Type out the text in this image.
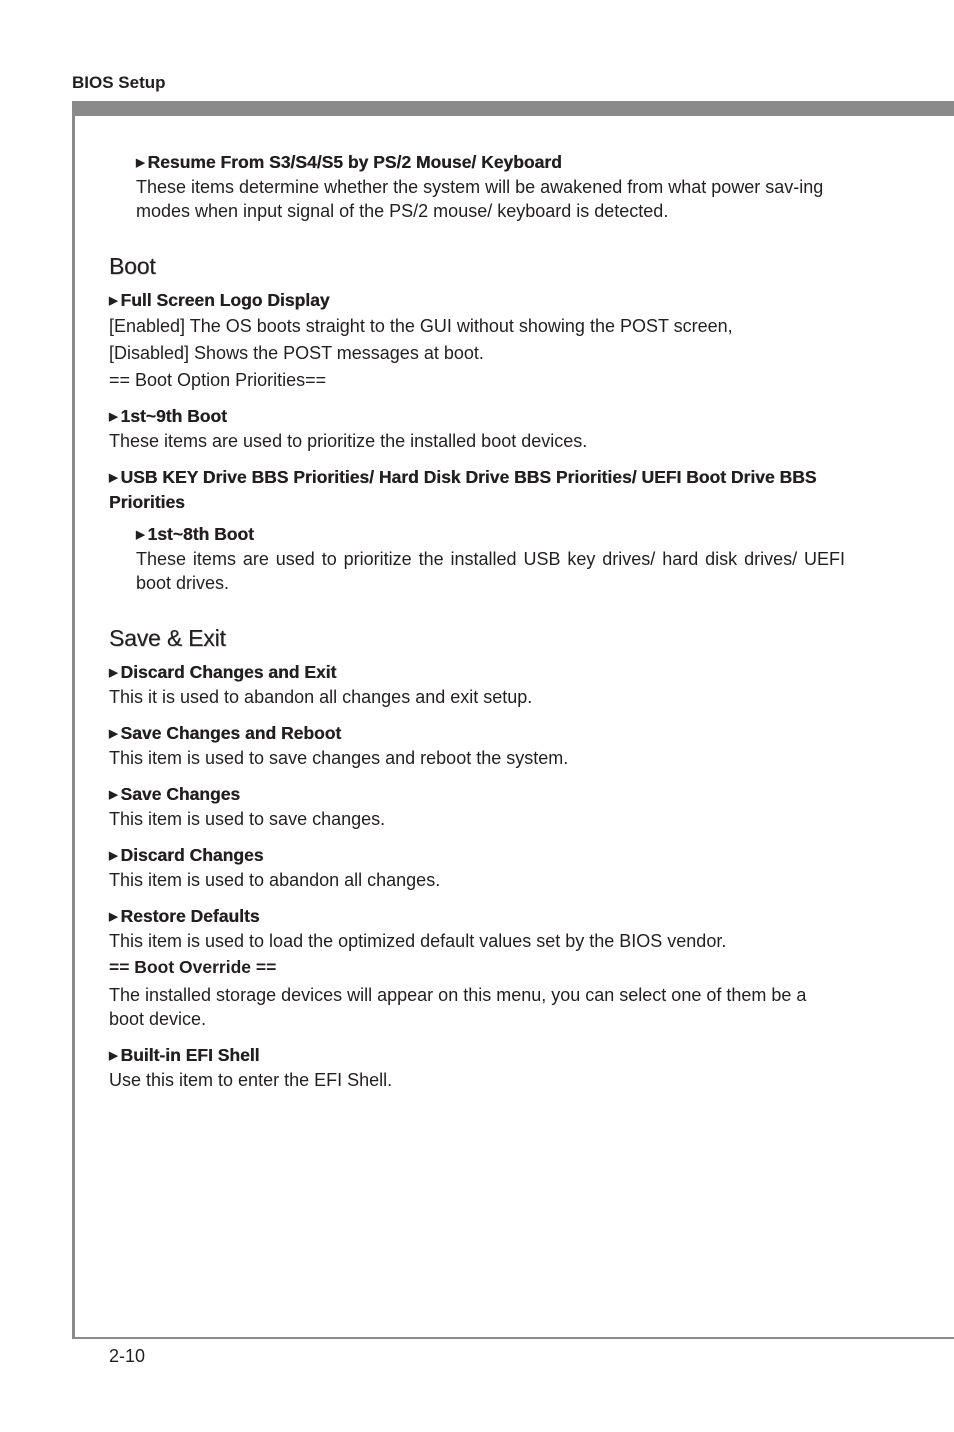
BIOS Setup

▶ Resume From S3/S4/S5 by PS/2 Mouse/ Keyboard

These items determine whether the system will be awakened from what power sav-ing modes when input signal of the PS/2 mouse/ keyboard is detected.

Boot

▶ Full Screen Logo Display

[Enabled] The OS boots straight to the GUI without showing the POST screen,

[Disabled] Shows the POST messages at boot.

== Boot Option Priorities==

▶ 1st~9th Boot

These items are used to prioritize the installed boot devices.

▶ USB KEY Drive BBS Priorities/ Hard Disk Drive BBS Priorities/ UEFI Boot Drive BBS Priorities

▶ 1st~8th Boot

These items are used to prioritize the installed USB key drives/ hard disk drives/ UEFI boot drives.

Save & Exit

▶ Discard Changes and Exit

This it is used to abandon all changes and exit setup.

▶ Save Changes and Reboot

This item is used to save changes and reboot the system.

▶ Save Changes

This item is used to save changes.

▶ Discard Changes

This item is used to abandon all changes.

▶ Restore Defaults

This item is used to load the optimized default values set by the BIOS vendor.

== Boot Override ==

The installed storage devices will appear on this menu, you can select one of them be a boot device.

▶ Built-in EFI Shell

Use this item to enter the EFI Shell.

2-10
